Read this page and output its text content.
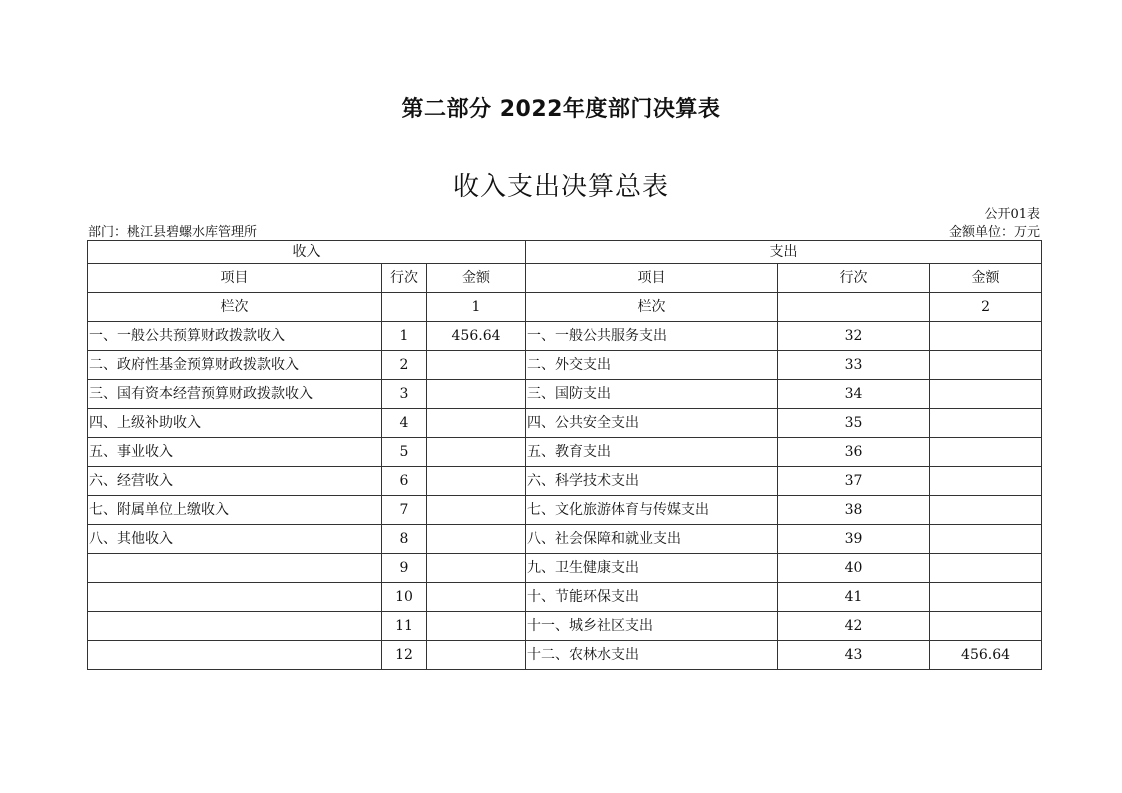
第二部分 2022年度部门决算表
收入支出决算总表
公开01表
部门：桃江县碧螺水库管理所	金额单位：万元
收入			支出		
项目	行次	金额	项目	行次	金额
栏次		1	栏次		2
一、一般公共预算财政拨款收入	1	456.64	一、一般公共服务支出	32	
二、政府性基金预算财政拨款收入	2		二、外交支出	33	
三、国有资本经营预算财政拨款收入	3		三、国防支出	34	
四、上级补助收入	4		四、公共安全支出	35	
五、事业收入	5		五、教育支出	36	
六、经营收入	6		六、科学技术支出	37	
七、附属单位上缴收入	7		七、文化旅游体育与传媒支出	38	
八、其他收入	8		八、社会保障和就业支出	39	
	9		九、卫生健康支出	40	
	10		十、节能环保支出	41	
	11		十一、城乡社区支出	42	
	12		十二、农林水支出	43	456.64
